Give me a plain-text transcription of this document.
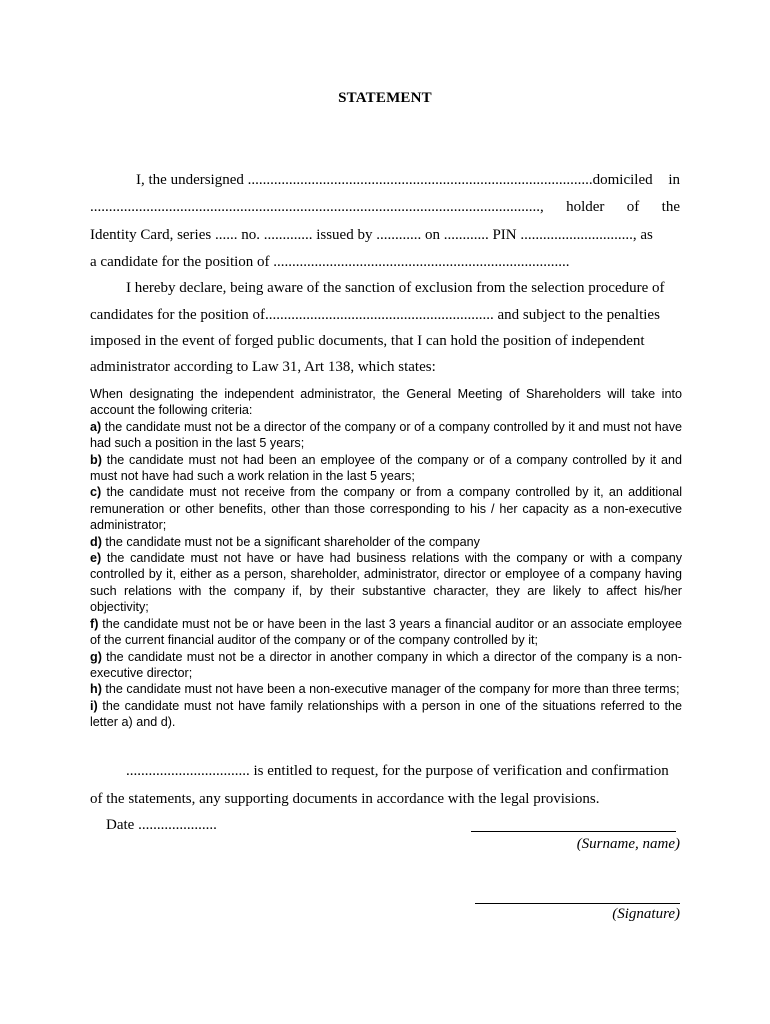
STATEMENT
I, the undersigned ............................................................................................domiciled in
........................................................................................................................, holder of the
Identity Card, series ...... no. ............. issued by ............ on ............ PIN .............................., as
a candidate for the position of ...............................................................................
I hereby declare, being aware of the sanction of exclusion from the selection procedure of
candidates for the position of............................................................. and subject to the penalties
imposed in the event of forged public documents, that I can hold the position of independent
administrator according to Law 31, Art 138, which states:

When designating the independent administrator, the General Meeting of Shareholders will take into account the following criteria:

a) the candidate must not be a director of the company or of a company controlled by it and must not have had such a position in the last 5 years;

b) the candidate must not had been an employee of the company or of a company controlled by it and must not have had such a work relation in the last 5 years;

c) the candidate must not receive from the company or from a company controlled by it, an additional remuneration or other benefits, other than those corresponding to his / her capacity as a non-executive administrator;

d) the candidate must not be a significant shareholder of the company

e) the candidate must not have or have had business relations with the company or with a company controlled by it, either as a person, shareholder, administrator, director or employee of a company having such relations with the company if, by their substantive character, they are likely to affect his/her objectivity;

f) the candidate must not be or have been in the last 3 years a financial auditor or an associate employee of the current financial auditor of the company or of the company controlled by it;

g) the candidate must not be a director in another company in which a director of the company is a non-executive director;

h) the candidate must not have been a non-executive manager of the company for more than three terms;

i) the candidate must not have family relationships with a person in one of the situations referred to the letter a) and d).

................................. is entitled to request, for the purpose of verification and confirmation
of the statements, any supporting documents in accordance with the legal provisions.
Date .....................
(Surname, name)
(Signature)
